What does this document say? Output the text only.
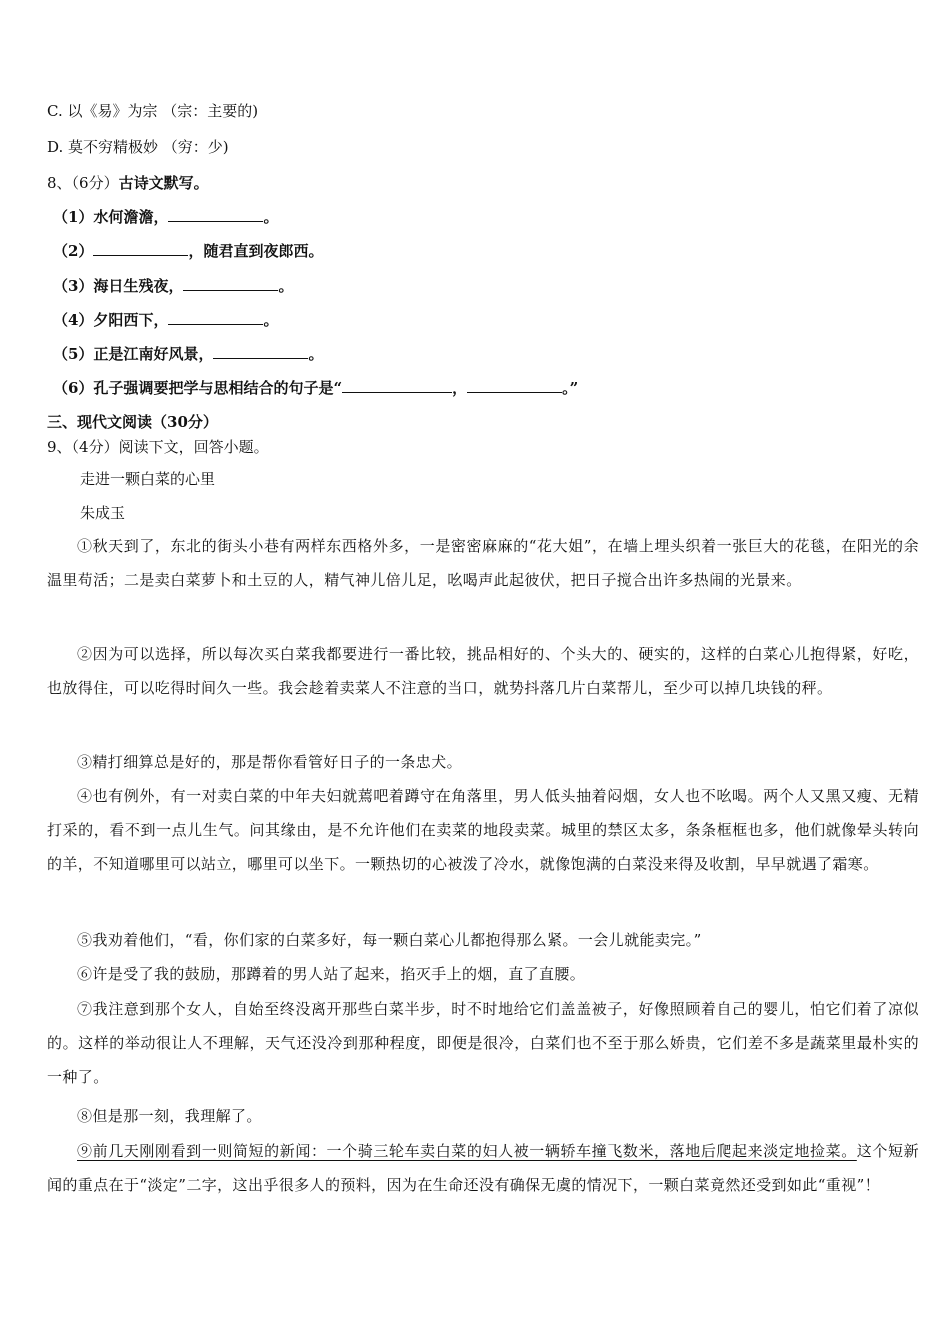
C. 以《易》为宗 （宗：主要的)
D. 莫不穷精极妙 （穷：少)
8、（6分）古诗文默写。
（1）水何澹澹，	。
（2）	，随君直到夜郎西。
（3）海日生残夜，	。
（4）夕阳西下，	。
（5）正是江南好风景，	。
（6）孔子强调要把学与思相结合的句子是“	，	。”
三、现代文阅读（30分）
9、（4分）阅读下文，回答小题。
走进一颗白菜的心里
朱成玉
①秋天到了，东北的街头小巷有两样东西格外多，一是密密麻麻的“花大姐”，在墙上埋头织着一张巨大的花毯，在阳光的余温里苟活；二是卖白菜萝卜和土豆的人，精气神儿倍儿足，吆喝声此起彼伏，把日子搅合出许多热闹的光景来。
②因为可以选择，所以每次买白菜我都要进行一番比较，挑品相好的、个头大的、硬实的，这样的白菜心儿抱得紧，好吃，也放得住，可以吃得时间久一些。我会趁着卖菜人不注意的当口，就势抖落几片白菜帮儿，至少可以掉几块钱的秤。
③精打细算总是好的，那是帮你看管好日子的一条忠犬。
④也有例外，有一对卖白菜的中年夫妇就蔫吧着蹲守在角落里，男人低头抽着闷烟，女人也不吆喝。两个人又黑又瘦、无精打采的，看不到一点儿生气。问其缘由，是不允许他们在卖菜的地段卖菜。城里的禁区太多，条条框框也多，他们就像晕头转向的羊，不知道哪里可以站立，哪里可以坐下。一颗热切的心被泼了冷水，就像饱满的白菜没来得及收割，早早就遇了霜寒。
⑤我劝着他们，“看，你们家的白菜多好，每一颗白菜心儿都抱得那么紧。一会儿就能卖完。”
⑥许是受了我的鼓励，那蹲着的男人站了起来，掐灭手上的烟，直了直腰。
⑦我注意到那个女人，自始至终没离开那些白菜半步，时不时地给它们盖盖被子，好像照顾着自己的婴儿，怕它们着了凉似的。这样的举动很让人不理解，天气还没冷到那种程度，即便是很冷，白菜们也不至于那么娇贵，它们差不多是蔬菜里最朴实的一种了。
⑧但是那一刻，我理解了。
⑨前几天刚刚看到一则简短的新闻：一个骑三轮车卖白菜的妇人被一辆轿车撞飞数米，落地后爬起来淡定地捡菜。这个短新闻的重点在于“淡定”二字，这出乎很多人的预料，因为在生命还没有确保无虞的情况下，一颗白菜竟然还受到如此“重视”！
